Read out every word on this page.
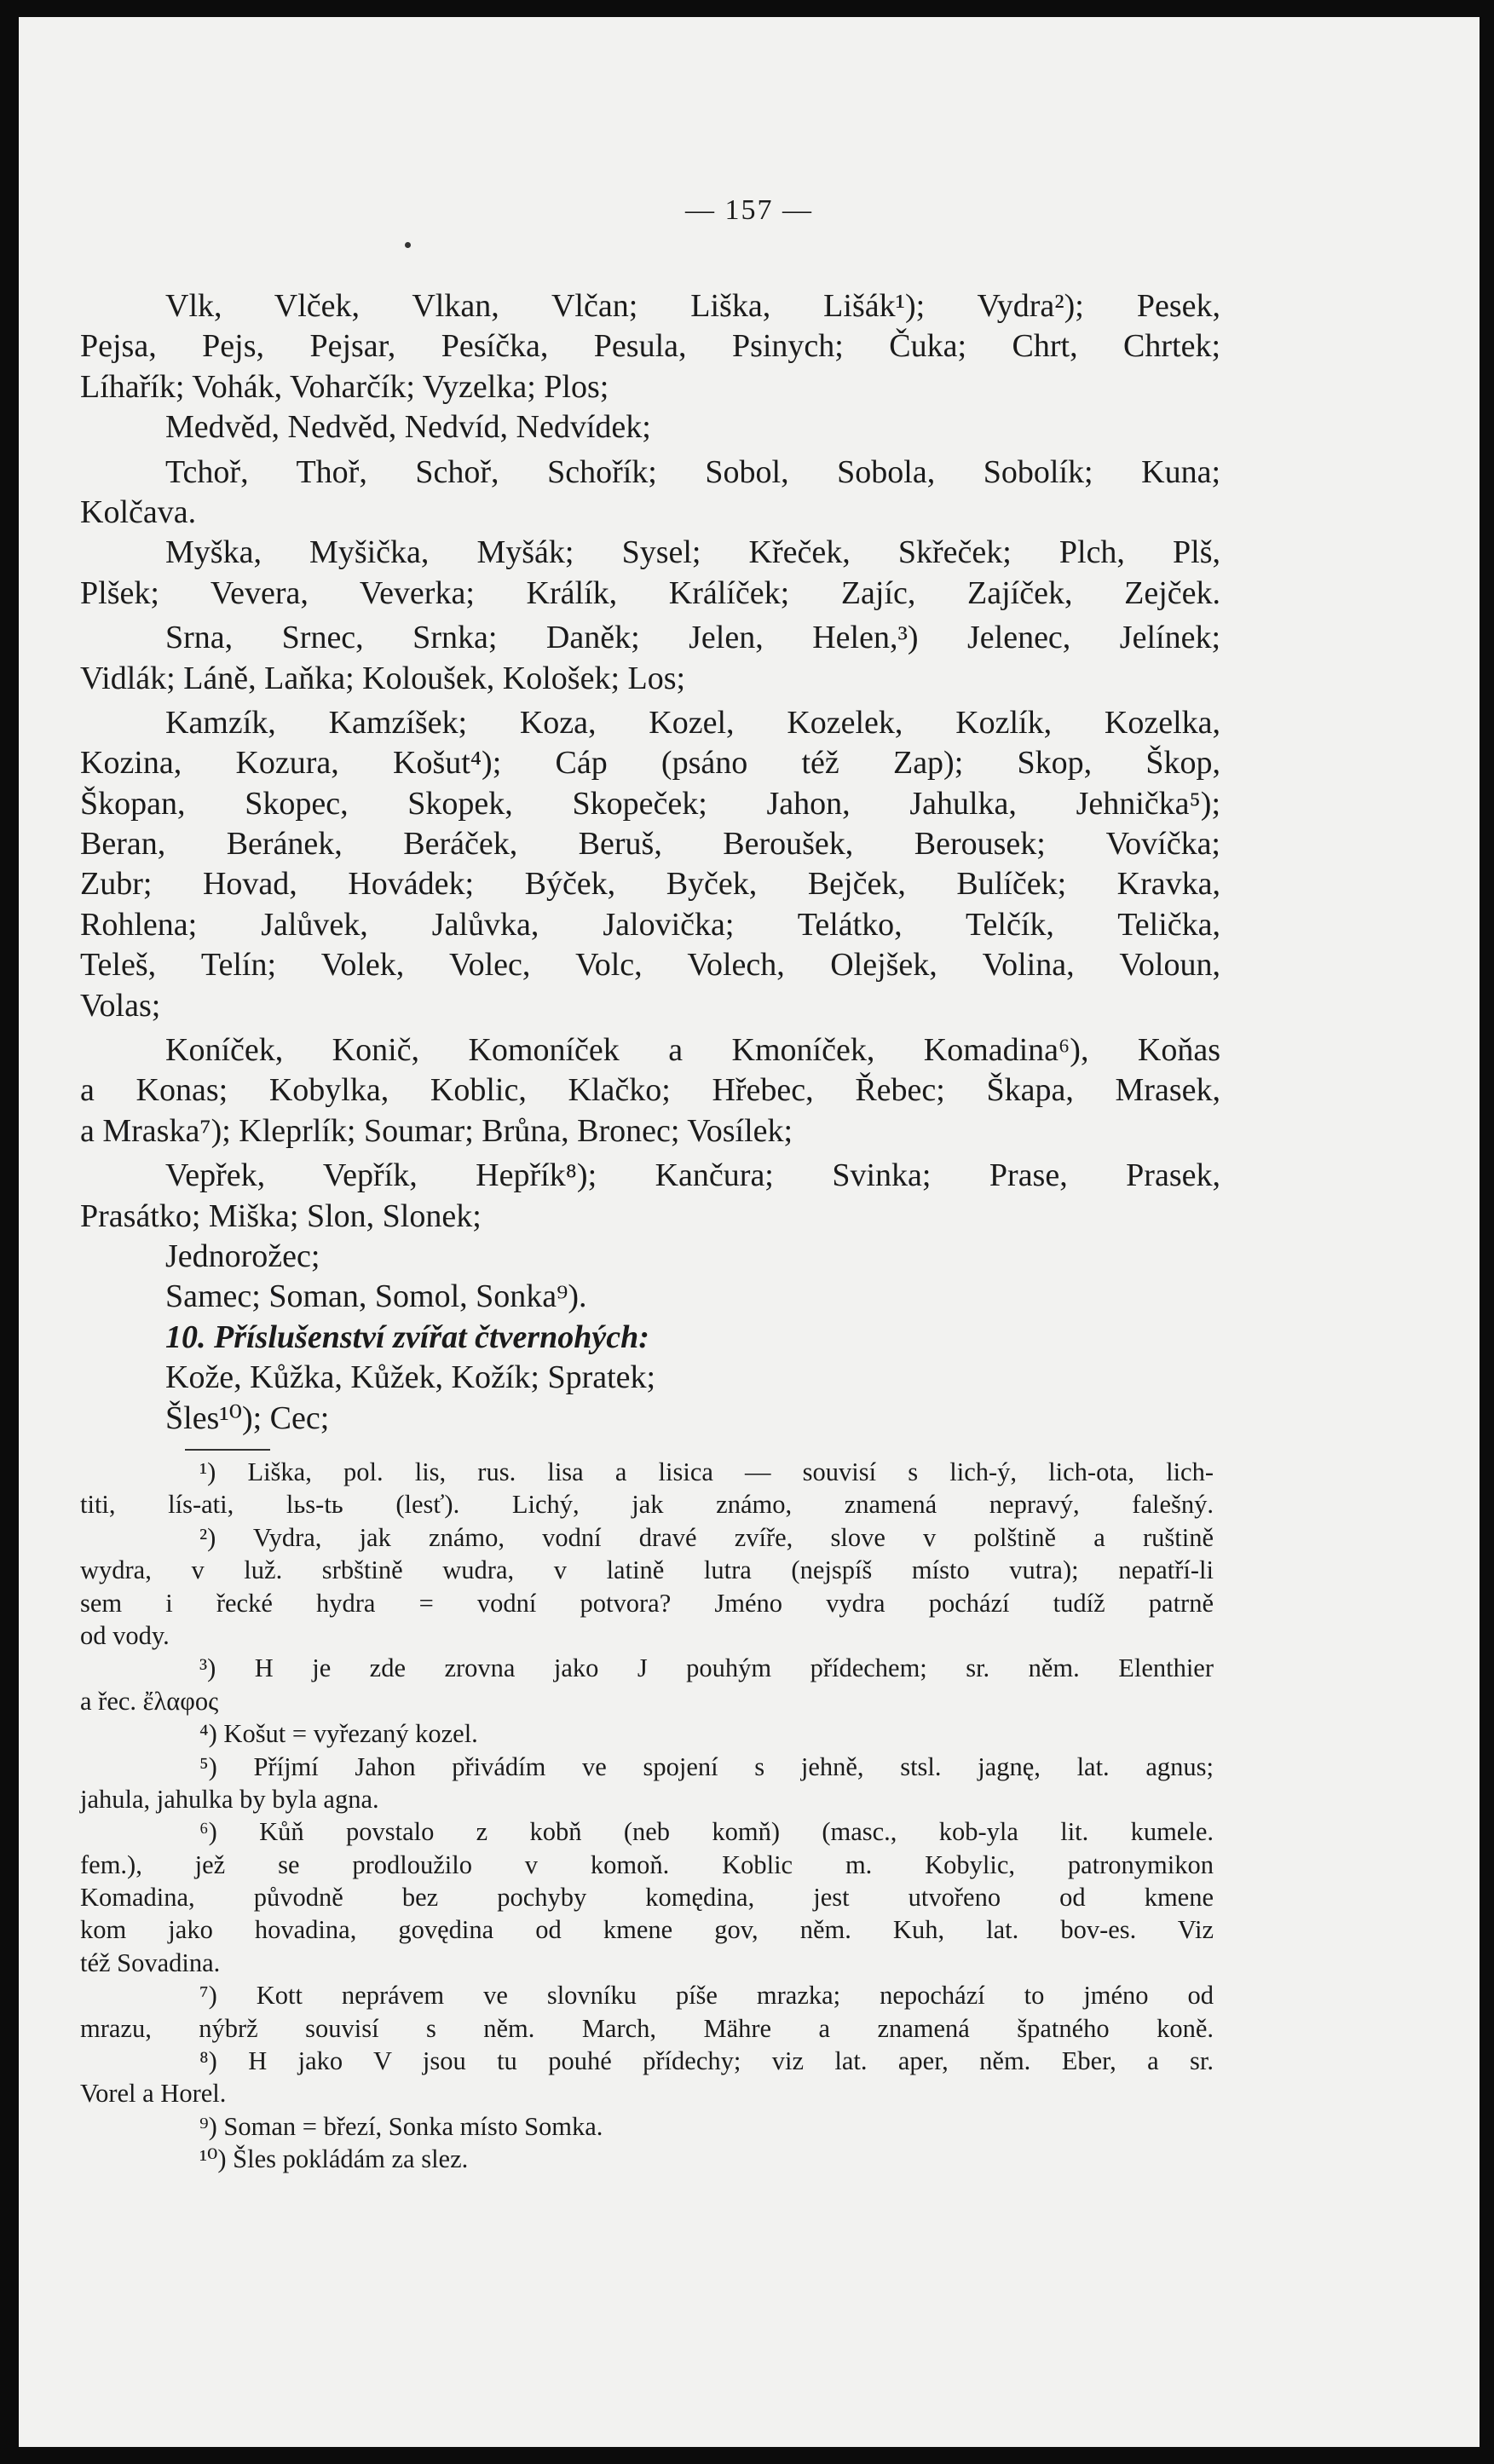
— 157 —
Vlk, Vlček, Vlkan, Vlčan; Liška, Lišák¹); Vydra²); Pesek,
Pejsa, Pejs, Pejsar, Pesíčka, Pesula, Psinych; Čuka; Chrt, Chrtek;
Líhařík; Vohák, Voharčík; Vyzelka; Plos;
Medvěd, Nedvěd, Nedvíd, Nedvídek;
Tchoř, Thoř, Schoř, Schořík; Sobol, Sobola, Sobolík; Kuna;
Kolčava.
Myška, Myšička, Myšák; Sysel; Křeček, Skřeček; Plch, Plš,
Plšek; Vevera, Veverka; Králík, Králíček; Zajíc, Zajíček, Zejček.
Srna, Srnec, Srnka; Daněk; Jelen, Helen,³) Jelenec, Jelínek;
Vidlák; Láně, Laňka; Koloušek, Kološek; Los;
Kamzík, Kamzíšek; Koza, Kozel, Kozelek, Kozlík, Kozelka,
Kozina, Kozura, Košut⁴); Cáp (psáno též Zap); Skop, Škop,
Škopan, Skopec, Skopek, Skopeček; Jahon, Jahulka, Jehnička⁵);
Beran, Beránek, Beráček, Beruš, Beroušek, Berousek; Vovíčka;
Zubr; Hovad, Hovádek; Býček, Byček, Bejček, Bulíček; Kravka,
Rohlena; Jalůvek, Jalůvka, Jalovička; Telátko, Telčík, Telička,
Teleš, Telín; Volek, Volec, Volc, Volech, Olejšek, Volina, Voloun,
Volas;
Koníček, Konič, Komoníček a Kmoníček, Komadina⁶), Koňas
a Konas; Kobylka, Koblic, Klačko; Hřebec, Řebec; Škapa, Mrasek,
a Mraska⁷); Kleprlík; Soumar; Brůna, Bronec; Vosílek;
Vepřek, Vepřík, Hepřík⁸); Kančura; Svinka; Prase, Prasek,
Prasátko; Miška; Slon, Slonek;
Jednorožec;
Samec; Soman, Somol, Sonka⁹).
10. Příslušenství zvířat čtvernohých:
Kože, Kůžka, Kůžek, Kožík; Spratek;
Šles¹⁰); Cec;
¹) Liška, pol. lis, rus. lisa a lisica — souvisí s lich-ý, lich-ota, lich-
titi, lís-ati, lьs-tь (lesť). Lichý, jak známo, znamená nepravý, falešný.
²) Vydra, jak známo, vodní dravé zvíře, slove v polštině a ruštině
wydra, v luž. srbštině wudra, v latině lutra (nejspíš místo vutra); nepatří-li
sem i řecké hydra = vodní potvora? Jméno vydra pochází tudíž patrně
od vody.
³) H je zde zrovna jako J pouhým přídechem; sr. něm. Elenthier
a řec. ἔλαφος
⁴) Košut = vyřezaný kozel.
⁵) Příjmí Jahon přivádím ve spojení s jehně, stsl. jagnę, lat. agnus;
jahula, jahulka by byla agna.
⁶) Kůň povstalo z kobň (neb komň) (masc., kob-yla lit. kumele.
fem.), jež se prodloužilo v komoň. Koblic m. Kobylic, patronymikon
Komadina, původně bez pochyby komędina, jest utvořeno od kmene
kom jako hovadina, govędina od kmene gov, něm. Kuh, lat. bov-es. Viz
též Sovadina.
⁷) Kott neprávem ve slovníku píše mrazka; nepochází to jméno od
mrazu, nýbrž souvisí s něm. March, Mähre a znamená špatného koně.
⁸) H jako V jsou tu pouhé přídechy; viz lat. aper, něm. Eber, a sr.
Vorel a Horel.
⁹) Soman = březí, Sonka místo Somka.
¹⁰) Šles pokládám za slez.
